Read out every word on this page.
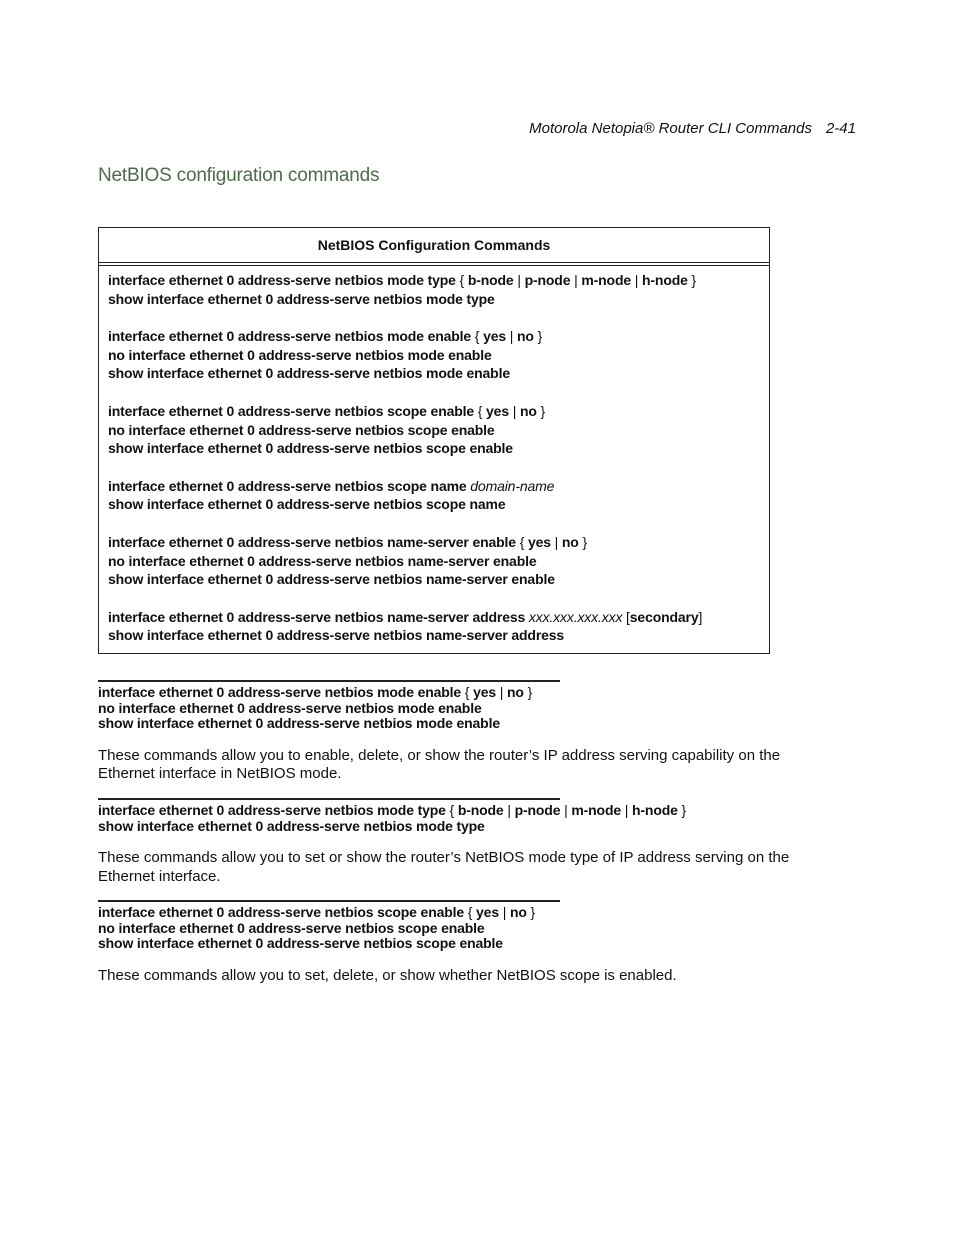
Motorola Netopia® Router CLI Commands 2-41
NetBIOS configuration commands
NetBIOS Configuration Commands
interface ethernet 0 address-serve netbios mode type { b-node | p-node | m-node | h-node }
show interface ethernet 0 address-serve netbios mode type
interface ethernet 0 address-serve netbios mode enable { yes | no }
no interface ethernet 0 address-serve netbios mode enable
show interface ethernet 0 address-serve netbios mode enable
interface ethernet 0 address-serve netbios scope enable { yes | no }
no interface ethernet 0 address-serve netbios scope enable
show interface ethernet 0 address-serve netbios scope enable
interface ethernet 0 address-serve netbios scope name domain-name
show interface ethernet 0 address-serve netbios scope name
interface ethernet 0 address-serve netbios name-server enable { yes | no }
no interface ethernet 0 address-serve netbios name-server enable
show interface ethernet 0 address-serve netbios name-server enable
interface ethernet 0 address-serve netbios name-server address xxx.xxx.xxx.xxx [secondary]
show interface ethernet 0 address-serve netbios name-server address
interface ethernet 0 address-serve netbios mode enable { yes | no }
no interface ethernet 0 address-serve netbios mode enable
show interface ethernet 0 address-serve netbios mode enable
These commands allow you to enable, delete, or show the router’s IP address serving capability on the Ethernet interface in NetBIOS mode.
interface ethernet 0 address-serve netbios mode type { b-node | p-node | m-node | h-node }
show interface ethernet 0 address-serve netbios mode type
These commands allow you to set or show the router’s NetBIOS mode type of IP address serving on the Ethernet interface.
interface ethernet 0 address-serve netbios scope enable { yes | no }
no interface ethernet 0 address-serve netbios scope enable
show interface ethernet 0 address-serve netbios scope enable
These commands allow you to set, delete, or show whether NetBIOS scope is enabled.
